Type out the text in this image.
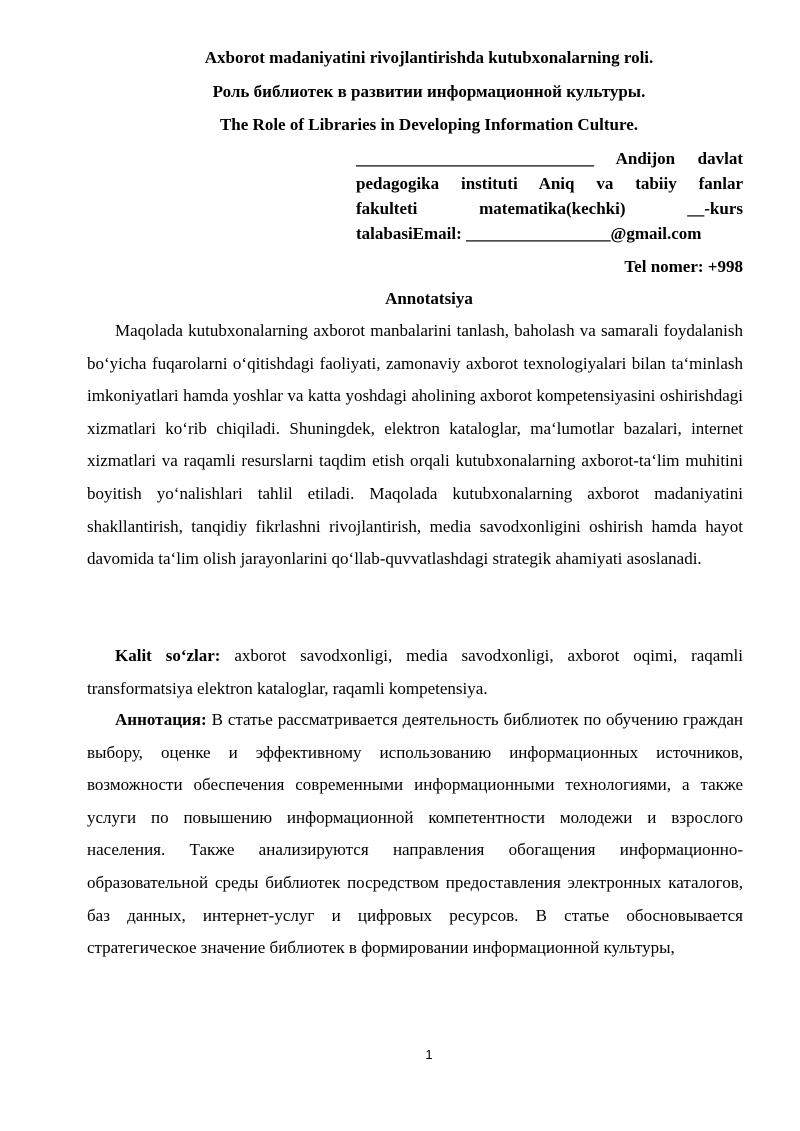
Axborot madaniyatini rivojlantirishda kutubxonalarning roli.
Роль библиотек в развитии информационной культуры.
The Role of Libraries in Developing Information Culture.
____________________________ Andijon davlat
pedagogika instituti Aniq va tabiiy fanlar
fakulteti matematika(kechki) __-kurs
talabasiEmail: _________________@gmail.com
Tel nomer: +998
Annotatsiya

Maqolada kutubxonalarning axborot manbalarini tanlash, baholash va samarali foydalanish boʻyicha fuqarolarni oʻqitishdagi faoliyati, zamonaviy axborot texnologiyalari bilan taʻminlash imkoniyatlari hamda yoshlar va katta yoshdagi aholining axborot kompetensiyasini oshirishdagi xizmatlari koʻrib chiqiladi. Shuningdek, elektron kataloglar, maʻlumotlar bazalari, internet xizmatlari va raqamli resurslarni taqdim etish orqali kutubxonalarning axborot-taʻlim muhitini boyitish yoʻnalishlari tahlil etiladi. Maqolada kutubxonalarning axborot madaniyatini shakllantirish, tanqidiy fikrlashni rivojlantirish, media savodxonligini oshirish hamda hayot davomida taʻlim olish jarayonlarini qoʻllab-quvvatlashdagi strategik ahamiyati asoslanadi.

Kalit soʻzlar: axborot savodxonligi, media savodxonligi, axborot oqimi, raqamli transformatsiya elektron kataloglar, raqamli kompetensiya.

Аннотация: В статье рассматривается деятельность библиотек по обучению граждан выбору, оценке и эффективному использованию информационных источников, возможности обеспечения современными информационными технологиями, а также услуги по повышению информационной компетентности молодежи и взрослого населения. Также анализируются направления обогащения информационно-образовательной среды библиотек посредством предоставления электронных каталогов, баз данных, интернет-услуг и цифровых ресурсов. В статье обосновывается стратегическое значение библиотек в формировании информационной культуры,

1
